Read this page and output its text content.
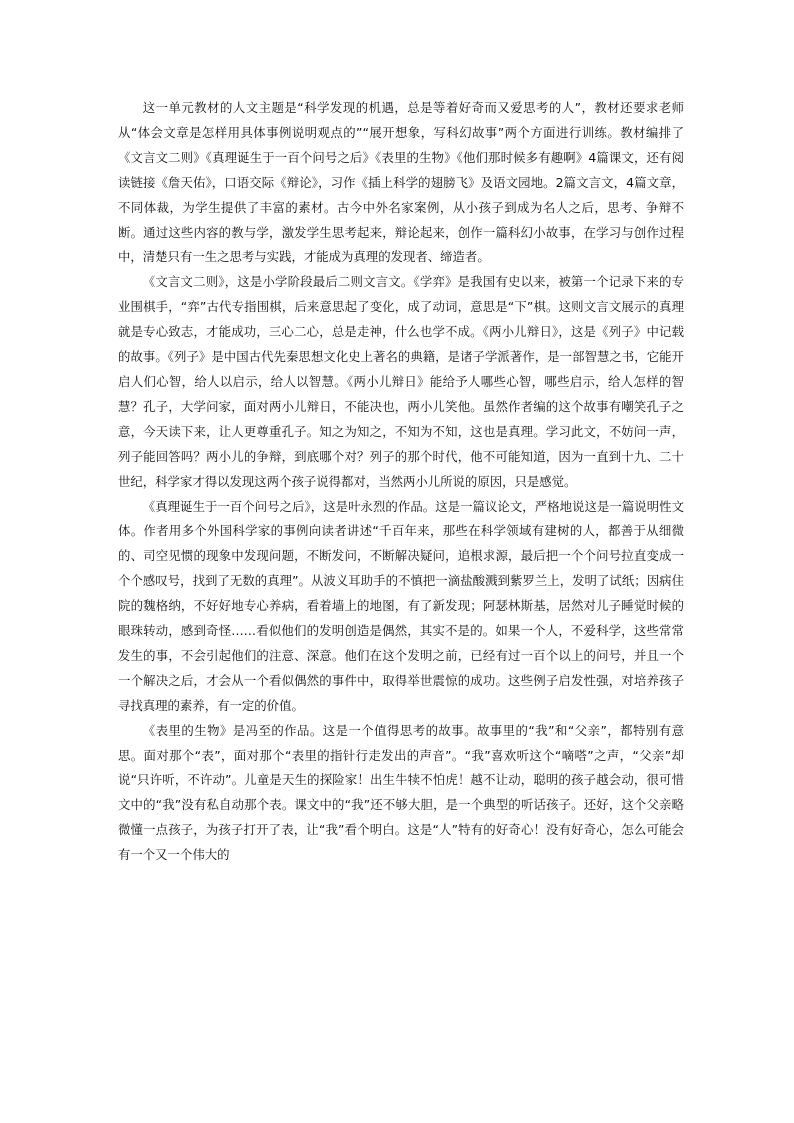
这一单元教材的人文主题是“科学发现的机遇，总是等着好奇而又爱思考的人”，教材还要求老师从“体会文章是怎样用具体事例说明观点的”“展开想象，写科幻故事”两个方面进行训练。教材编排了《文言文二则》《真理诞生于一百个问号之后》《表里的生物》《他们那时候多有趣啊》4篇课文，还有阅读链接《詹天佑》，口语交际《辩论》，习作《插上科学的翅膀飞》及语文园地。2篇文言文，4篇文章，不同体裁，为学生提供了丰富的素材。古今中外名家案例，从小孩子到成为名人之后，思考、争辩不断。通过这些内容的教与学，激发学生思考起来，辩论起来，创作一篇科幻小故事，在学习与创作过程中，清楚只有一生之思考与实践，才能成为真理的发现者、缔造者。

《文言文二则》，这是小学阶段最后二则文言文。《学弈》是我国有史以来，被第一个记录下来的专业围棋手，“弈”古代专指围棋，后来意思起了变化，成了动词，意思是“下”棋。这则文言文展示的真理就是专心致志，才能成功，三心二心，总是走神，什么也学不成。《两小儿辩日》，这是《列子》中记载的故事。《列子》是中国古代先秦思想文化史上著名的典籍，是诸子学派著作，是一部智慧之书，它能开启人们心智，给人以启示，给人以智慧。《两小儿辩日》能给予人哪些心智，哪些启示，给人怎样的智慧？孔子，大学问家，面对两小儿辩日，不能决也，两小儿笑他。虽然作者编的这个故事有嘲笑孔子之意，今天读下来，让人更尊重孔子。知之为知之，不知为不知，这也是真理。学习此文，不妨问一声，列子能回答吗？两小儿的争辩，到底哪个对？列子的那个时代，他不可能知道，因为一直到十九、二十世纪，科学家才得以发现这两个孩子说得都对，当然两小儿所说的原因，只是感觉。

《真理诞生于一百个问号之后》，这是叶永烈的作品。这是一篇议论文，严格地说这是一篇说明性文体。作者用多个外国科学家的事例向读者讲述“千百年来，那些在科学领域有建树的人，都善于从细微的、司空见惯的现象中发现问题，不断发问，不断解决疑问，追根求源，最后把一个个问号拉直变成一个个感叹号，找到了无数的真理”。从波义耳助手的不慎把一滴盐酸溅到紫罗兰上，发明了试纸；因病住院的魏格纳，不好好地专心养病，看着墙上的地图，有了新发现；阿瑟林斯基，居然对儿子睡觉时候的眼珠转动，感到奇怪……看似他们的发明创造是偶然，其实不是的。如果一个人，不爱科学，这些常常发生的事，不会引起他们的注意、深意。他们在这个发明之前，已经有过一百个以上的问号，并且一个一个解决之后，才会从一个看似偶然的事件中，取得举世震惊的成功。这些例子启发性强，对培养孩子寻找真理的素养，有一定的价值。

《表里的生物》是冯至的作品。这是一个值得思考的故事。故事里的“我”和“父亲”，都特别有意思。面对那个“表”，面对那个“表里的指针行走发出的声音”。“我”喜欢听这个“嘀嗒”之声，“父亲”却说“只许听，不许动”。儿童是天生的探险家！出生牛犊不怕虎！越不让动，聪明的孩子越会动，很可惜文中的“我”没有私自动那个表。课文中的“我”还不够大胆，是一个典型的听话孩子。还好，这个父亲略微懂一点孩子，为孩子打开了表，让“我”看个明白。这是“人”特有的好奇心！没有好奇心，怎么可能会有一个又一个伟大的
